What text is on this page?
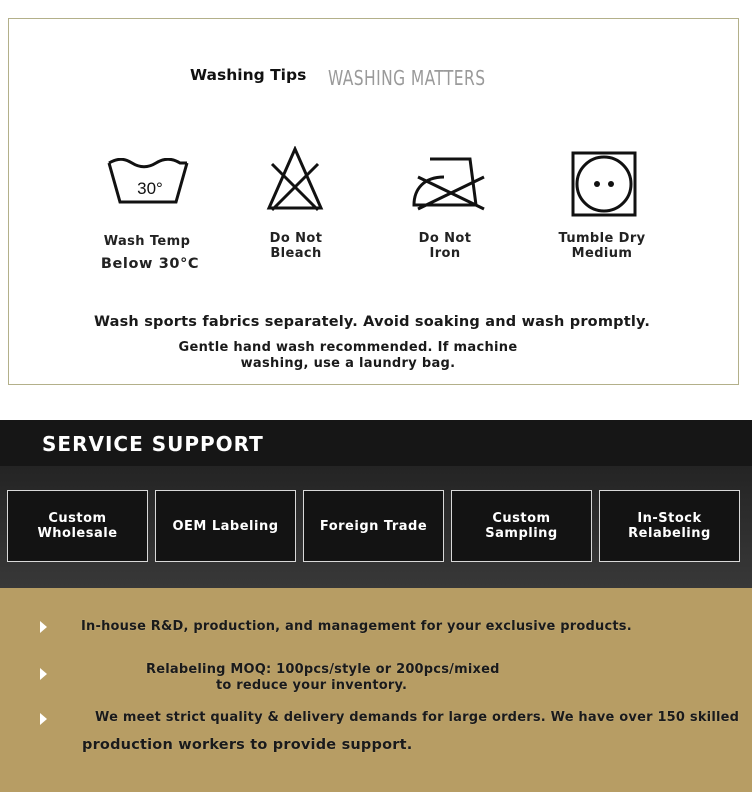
Washing Tips WASHING MATTERS
30°
Wash Temp
Below 30°C
Do Not
Bleach
Do Not
Iron
Tumble Dry
Medium
Wash sports fabrics separately. Avoid soaking and wash promptly.
Gentle hand wash recommended. If machine
washing, use a laundry bag.
SERVICE SUPPORT
Custom
Wholesale	OEM Labeling	Foreign Trade	Custom
Sampling
In-Stock
Relabeling
In-house R&D, production, and management for your exclusive products.
Relabeling MOQ: 100pcs/style or 200pcs/mixed
to reduce your inventory.
We meet strict quality & delivery demands for large orders. We have over 150 skilled
production workers to provide support.
